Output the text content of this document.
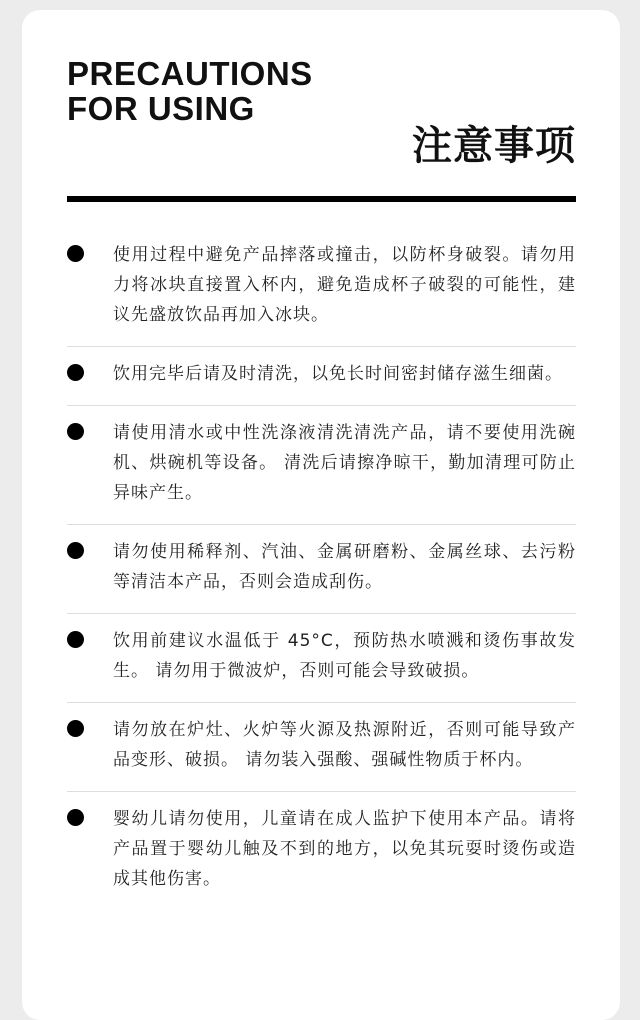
PRECAUTIONS
FOR USING
注意事项
使用过程中避免产品摔落或撞击，以防杯身破裂。请勿用力将冰块直接置入杯内，避免造成杯子破裂的可能性，建议先盛放饮品再加入冰块。
饮用完毕后请及时清洗，以免长时间密封储存滋生细菌。
请使用清水或中性洗涤液清洗清洗产品，请不要使用洗碗机、烘碗机等设备。 清洗后请擦净晾干，勤加清理可防止异味产生。
请勿使用稀释剂、汽油、金属研磨粉、金属丝球、去污粉等清洁本产品，否则会造成刮伤。
饮用前建议水温低于 45°C，预防热水喷溅和烫伤事故发生。 请勿用于微波炉，否则可能会导致破损。
请勿放在炉灶、火炉等火源及热源附近，否则可能导致产品变形、破损。 请勿装入强酸、强碱性物质于杯内。
婴幼儿请勿使用，儿童请在成人监护下使用本产品。请将产品置于婴幼儿触及不到的地方，以免其玩耍时烫伤或造成其他伤害。
